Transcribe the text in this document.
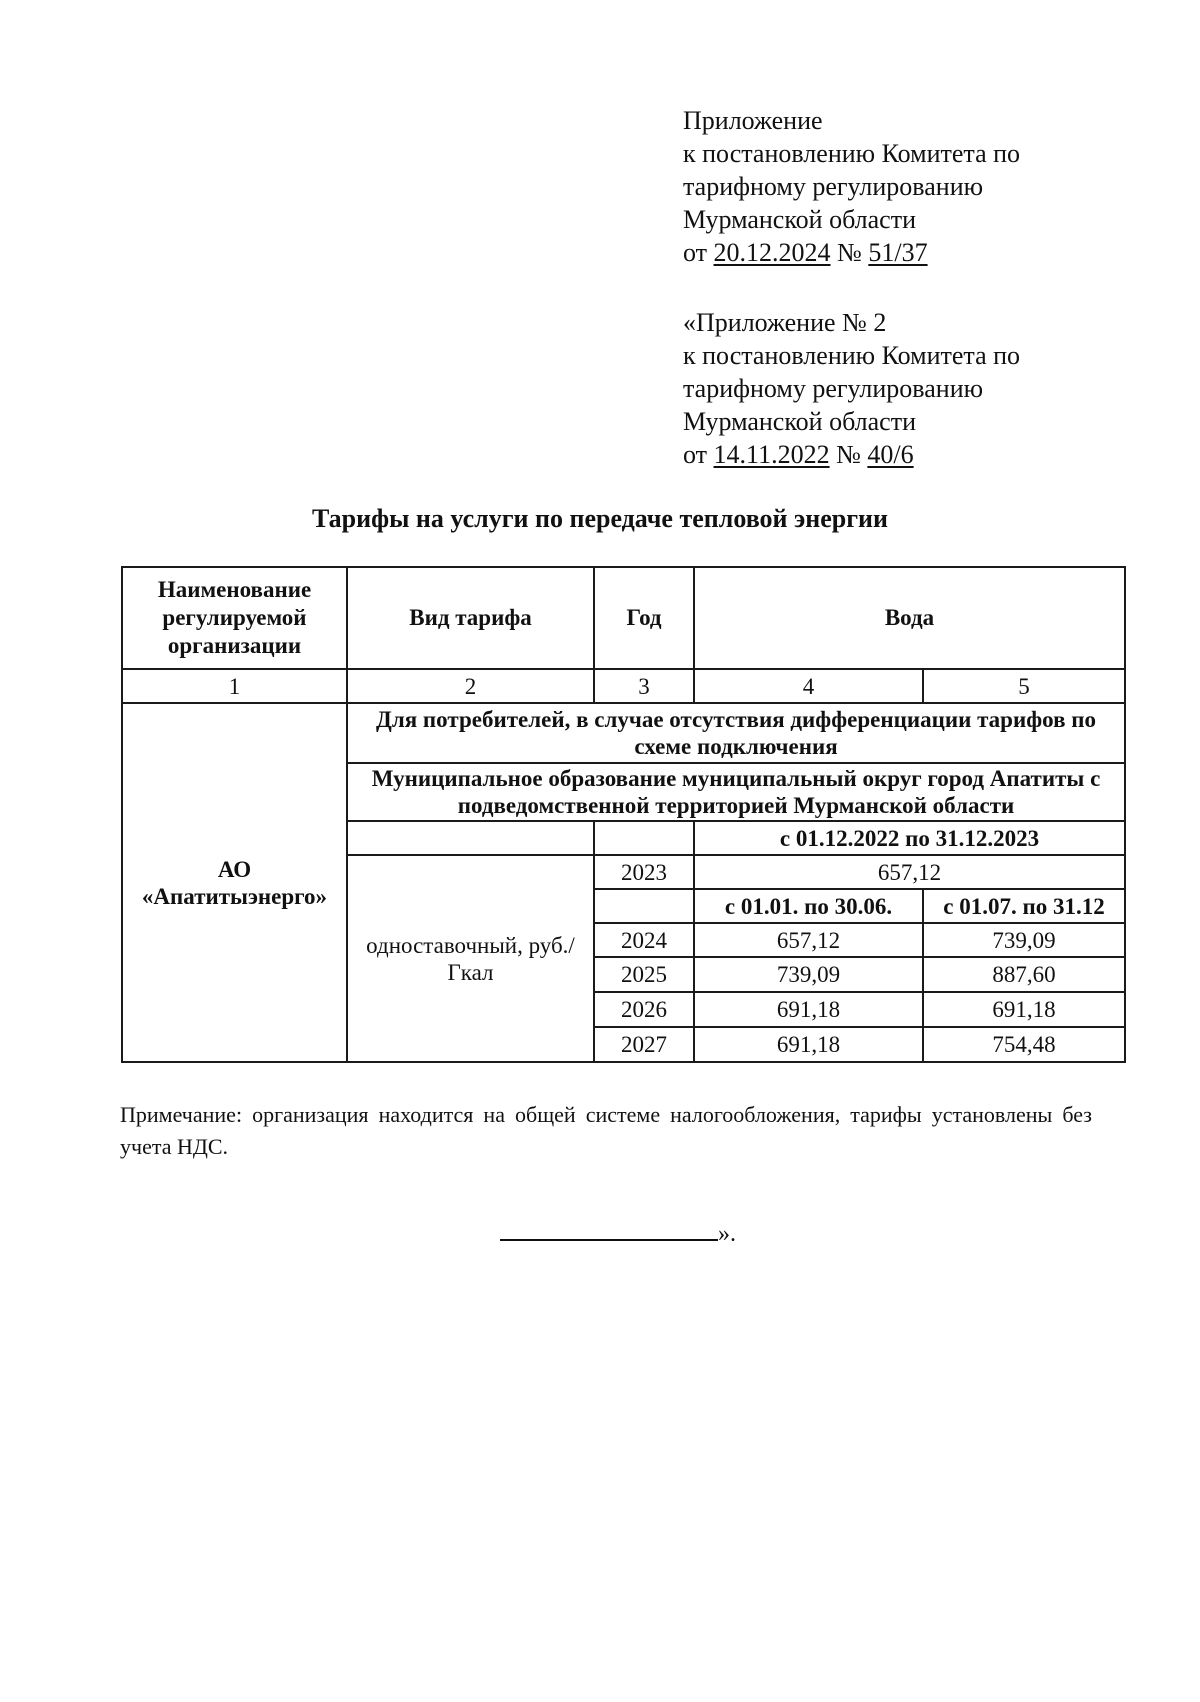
Приложение
к постановлению Комитета по
тарифному регулированию
Мурманской области
от 20.12.2024 № 51/37
«Приложение № 2
к постановлению Комитета по
тарифному регулированию
Мурманской области
от 14.11.2022 № 40/6
Тарифы на услуги по передаче тепловой энергии
Наименование регулируемой организации	Вид тарифа	Год	Вода	
1	2	3	4	5
АО «Апатитыэнерго»	Для потребителей, в случае отсутствия дифференциации тарифов по схеме подключения			
	Муниципальное образование муниципальный округ город Апатиты с подведомственной территорией Мурманской области			
			с 01.12.2022 по 31.12.2023	
	одноставочный, руб./Гкал	2023	657,12	
			с 01.01. по 30.06.	с 01.07. по 31.12
		2024	657,12	739,09
		2025	739,09	887,60
		2026	691,18	691,18
		2027	691,18	754,48
Примечание: организация находится на общей системе налогообложения, тарифы установлены без учета НДС.
».
